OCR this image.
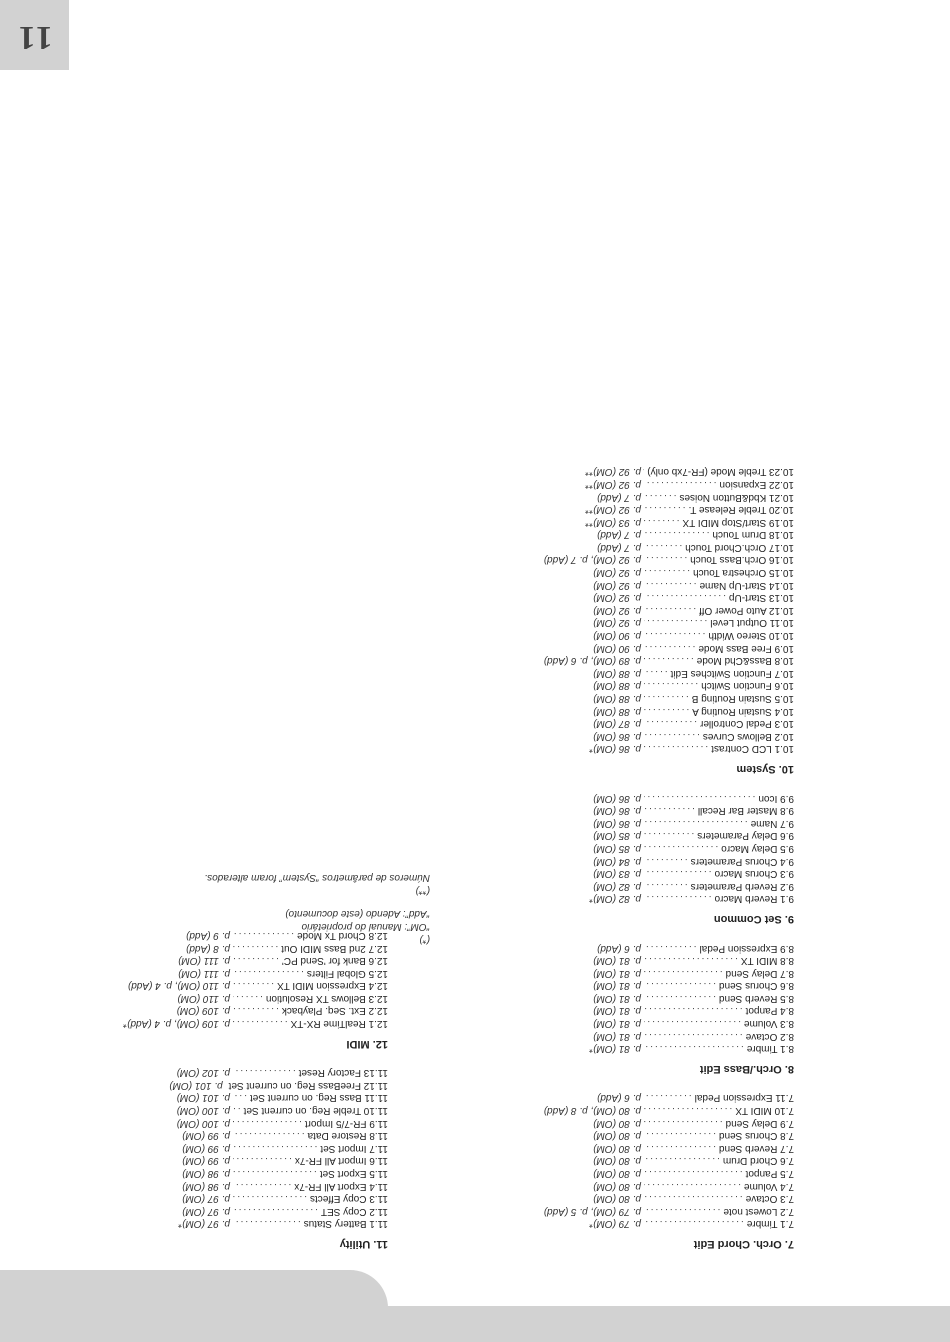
11
7. Orch. Chord Edit
7.1 Timbre
.....
p. 79 (OM)*
7.2 Lowest note
.....
p. 79 (OM), p. 5 (Add)
7.3 Octave
.....
p. 80 (OM)
7.4 Volume
.....
p. 80 (OM)
7.5 Panpot
.....
p. 80 (OM)
7.6 Chord Drum
.....
p. 80 (OM)
7.7 Reverb Send
.....
p. 80 (OM)
7.8 Chorus Send
.....
p. 80 (OM)
7.9 Delay Send
.....
p. 80 (OM)
7.10 MIDI TX
.....
p. 80 (OM), p. 8 (Add)
7.11 Expression Pedal
.....
p. 6 (Add)
8. Orch./Bass Edit
8.1 Timbre
.....
p. 81 (OM)*
8.2 Octave
.....
p. 81 (OM)
8.3 Volume
.....
p. 81 (OM)
8.4 Panpot
.....
p. 81 (OM)
8.5 Reverb Send
.....
p. 81 (OM)
8.6 Chorus Send
.....
p. 81 (OM)
8.7 Delay Send
.....
p. 81 (OM)
8.8 MIDI TX
.....
p. 81 (OM)
8.9 Expression Pedal
.....
p. 6 (Add)
9. Set Common
9.1 Reverb Macro
.....
p. 82 (OM)*
9.2 Reverb Parameters
.....
p. 82 (OM)
9.3 Chorus Macro
.....
p. 83 (OM)
9.4 Chorus Parameters
.....
p. 84 (OM)
9.5 Delay Macro
.....
p. 85 (OM)
9.6 Delay Parameters
.....
p. 85 (OM)
9.7 Name
.....
p. 86 (OM)
9.8 Master Bar Recall
.....
p. 86 (OM)
9.9 Icon
.....
p. 86 (OM)
10. System
10.1 LCD Contrast
.....
p. 86 (OM)*
10.2 Bellows Curves
.....
p. 86 (OM)
10.3 Pedal Controller
.....
p. 87 (OM)
10.4 Sustain Routing A
.....
p. 88 (OM)
10.5 Sustain Routing B
.....
p. 88 (OM)
10.6 Function Switch
.....
p. 88 (OM)
10.7 Function Switches Edit
.....
p. 88 (OM)
10.8 Bass&Chd Mode
.....
p. 89 (OM), p. 6 (Add)
10.9 Free Bass Mode
.....
p. 90 (OM)
10.10 Stereo Width
.....
p. 90 (OM)
10.11 Output Level
.....
p. 92 (OM)
10.12 Auto Power Off
.....
p. 92 (OM)
10.13 Start-Up
.....
p. 92 (OM)
10.14 Start-Up Name
.....
p. 92 (OM)
10.15 Orchestra Touch
.....
p. 92 (OM)
10.16 Orch.Bass Touch
.....
p. 92 (OM), p. 7 (Add)
10.17 Orch.Chord Touch
.....
p. 7 (Add)
10.18 Drum Touch
.....
p. 7 (Add)
10.19 Start/Stop MIDI TX
.....
p. 93 (OM)**
10.20 Treble Release T.
.....
p. 92 (OM)**
10.21 Kbd&Button Noises
.....
p. 7 (Add)
10.22 Expansion
.....
p. 92 (OM)**
10.23 Treble Mode (FR-7xb only)
.....
p. 92 (OM)**
11. Utility
11.1 Battery Status
.....
p. 97 (OM)*
11.2 Copy SET
.....
p. 97 (OM)
11.3 Copy Effects
.....
p. 97 (OM)
11.4 Export All FR-7x
.....
p. 98 (OM)
11.5 Export Set
.....
p. 98 (OM)
11.6 Import All FR-7x
.....
p. 99 (OM)
11.7 Import Set
.....
p. 99 (OM)
11.8 Restore Data
.....
p. 99 (OM)
11.9 FR-7/5 Import
.....
p. 100 (OM)
11.10 Treble Reg. on current Set
.....
p. 100 (OM)
11.11 Bass Reg. on current Set
.....
p. 101 (OM)
11.12 FreeBass Reg. on current Set
p. 101 (OM)
11.13 Factory Reset
.....
p. 102 (OM)
12. MIDI
12.1 RealTime RX-TX
.....
p. 109 (OM), p. 4 (Add)*
12.2 Ext. Seq. Playback
.....
p. 109 (OM)
12.3 Bellows TX Resolution
.....
p. 110 (OM)
12.4 Expression MIDI TX
.....
p. 110 (OM), p. 4 (Add)
12.5 Global Filters
.....
p. 111 (OM)
12.6 Bank for 'Send PC'
.....
p. 111 (OM)
12.7 2nd Bass MIDI Out
.....
p. 8 (Add)
12.8 Chord Tx Mode
.....
p. 9 (Add)	(*)
“OM”: Manual do proprietário
“Add”: Adendo (este documento)

(**)
Números de parâmetros “System” foram alterados.
